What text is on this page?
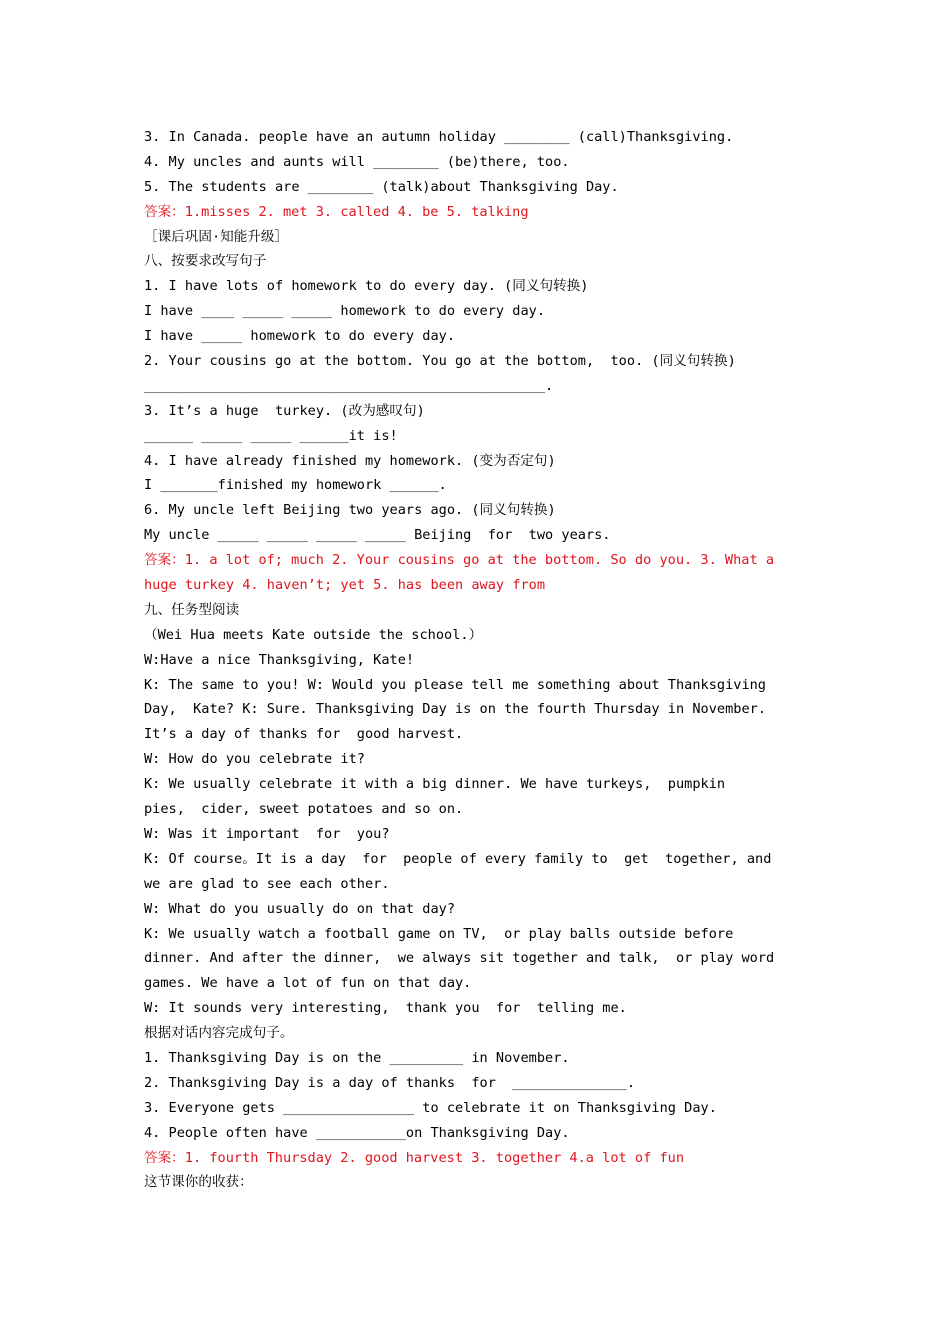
3. In Canada. people have an autumn holiday ________ (call)Thanksgiving.
4. My uncles and aunts will ________ (be)there, too.
5. The students are ________ (talk)about Thanksgiving Day.
答案：1.misses 2. met 3. called 4. be 5. talking
［课后巩固·知能升级］
八、按要求改写句子
1. I have lots of homework to do every day. (同义句转换)
I have ____ _____ _____ homework to do every day.
I have _____ homework to do every day.
2. Your cousins go at the bottom. You go at the bottom,  too. (同义句转换)
_________________________________________________.
3. It’s a huge  turkey. (改为感叹句)
______ _____ _____ ______it is!
4. I have already finished my homework. (变为否定句)
I _______finished my homework ______.
6. My uncle left Beijing two years ago. (同义句转换)
My uncle _____ _____ _____ _____ Beijing  for  two years.
答案：1. a lot of; much 2. Your cousins go at the bottom. So do you. 3. What a
huge turkey 4. haven’t; yet 5. has been away from
九、任务型阅读
（Wei Hua meets Kate outside the school.）
W:Have a nice Thanksgiving, Kate!
K: The same to you! W: Would you please tell me something about Thanksgiving
Day,  Kate? K: Sure. Thanksgiving Day is on the fourth Thursday in November.
It’s a day of thanks for  good harvest.
W: How do you celebrate it?
K: We usually celebrate it with a big dinner. We have turkeys,  pumpkin
pies,  cider, sweet potatoes and so on.
W: Was it important  for  you?
K: Of course。It is a day  for  people of every family to  get  together, and
we are glad to see each other.
W: What do you usually do on that day?
K: We usually watch a football game on TV,  or play balls outside before
dinner. And after the dinner,  we always sit together and talk,  or play word
games. We have a lot of fun on that day.
W: It sounds very interesting,  thank you  for  telling me.
根据对话内容完成句子。
1. Thanksgiving Day is on the _________ in November.
2. Thanksgiving Day is a day of thanks  for  ______________.
3. Everyone gets ________________ to celebrate it on Thanksgiving Day.
4. People often have ___________on Thanksgiving Day.
答案：1. fourth Thursday 2. good harvest 3. together 4.a lot of fun
这节课你的收获：
